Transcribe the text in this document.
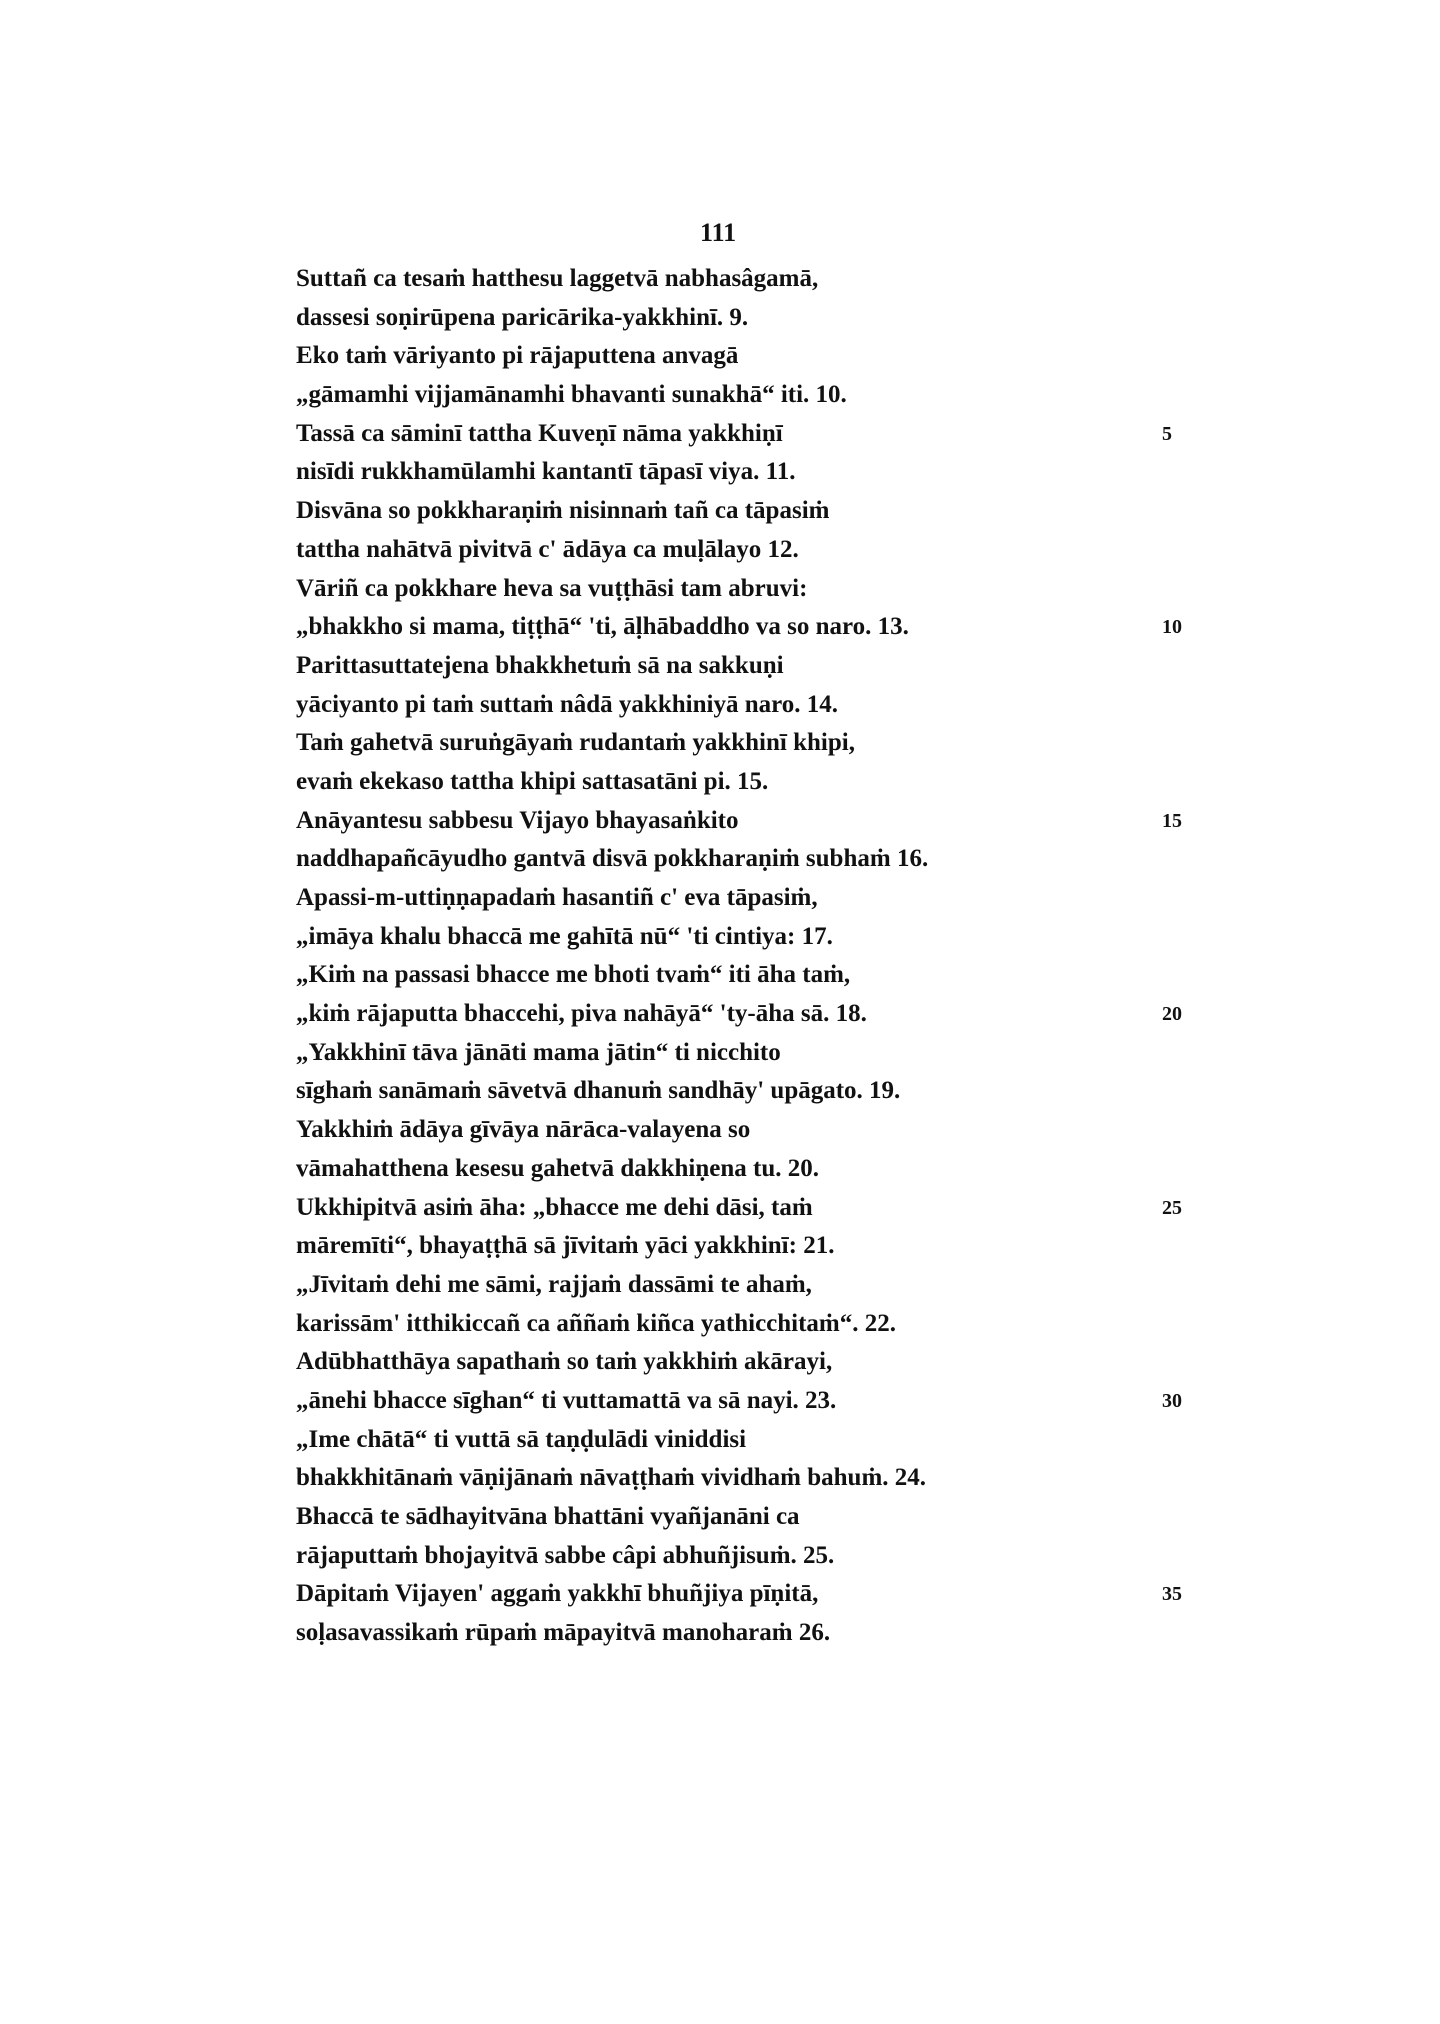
111
Suttañ ca tesaṁ hatthesu laggetvā nabhasâgamā,
dassesi soṇirūpena paricārika-yakkhinī. 9.
Eko taṁ vāriyanto pi rājaputtena anvagā
„gāmamhi vijjamānamhi bhavanti sunakhā“ iti. 10.
Tassā ca sāminī tattha Kuveṇī nāma yakkhiṇī	5
nisīdi rukkhamūlamhi kantantī tāpasī viya. 11.
Disvāna so pokkharaṇiṁ nisinnaṁ tañ ca tāpasiṁ
tattha nahātvā pivitvā c' ādāya ca muḷālayo 12.
Vāriñ ca pokkhare heva sa vuṭṭhāsi tam abruvi:
„bhakkho si mama, tiṭṭhā“ 'ti, āḷhābaddho va so naro. 13.	10
Parittasuttatejena bhakkhetuṁ sā na sakkuṇi
yāciyanto pi taṁ suttaṁ nâdā yakkhiniyā naro. 14.
Taṁ gahetvā suruṅgāyaṁ rudantaṁ yakkhinī khipi,
evaṁ ekekaso tattha khipi sattasatāni pi. 15.
Anāyantesu sabbesu Vijayo bhayasaṅkito	15
naddhapañcāyudho gantvā disvā pokkharaṇiṁ subhaṁ 16.
Apassi-m-uttiṇṇapadaṁ hasantiñ c' eva tāpasiṁ,
„imāya khalu bhaccā me gahītā nū“ 'ti cintiya: 17.
„Kiṁ na passasi bhacce me bhoti tvaṁ“ iti āha taṁ,
„kiṁ rājaputta bhaccehi, piva nahāyā“ 'ty-āha sā. 18.	20
„Yakkhinī tāva jānāti mama jātin“ ti nicchito
sīghaṁ sanāmaṁ sāvetvā dhanuṁ sandhāy' upāgato. 19.
Yakkhiṁ ādāya gīvāya nārāca-valayena so
vāmahatthena kesesu gahetvā dakkhiṇena tu. 20.
Ukkhipitvā asiṁ āha: „bhacce me dehi dāsi, taṁ	25
māremīti“, bhayaṭṭhā sā jīvitaṁ yāci yakkhinī: 21.
„Jīvitaṁ dehi me sāmi, rajjaṁ dassāmi te ahaṁ,
karissām' itthikiccañ ca aññaṁ kiñca yathicchitaṁ“. 22.
Adūbhatthāya sapathaṁ so taṁ yakkhiṁ akārayi,
„ānehi bhacce sīghan“ ti vuttamattā va sā nayi. 23.	30
„Ime chātā“ ti vuttā sā taṇḍulādi viniddisi
bhakkhitānaṁ vāṇijānaṁ nāvaṭṭhaṁ vividhaṁ bahuṁ. 24.
Bhaccā te sādhayitvāna bhattāni vyañjanāni ca
rājaputtaṁ bhojayitvā sabbe câpi abhuñjisuṁ. 25.
Dāpitaṁ Vijayen' aggaṁ yakkhī bhuñjiya pīṇitā,	35
soḷasavassikaṁ rūpaṁ māpayitvā manoharaṁ 26.
